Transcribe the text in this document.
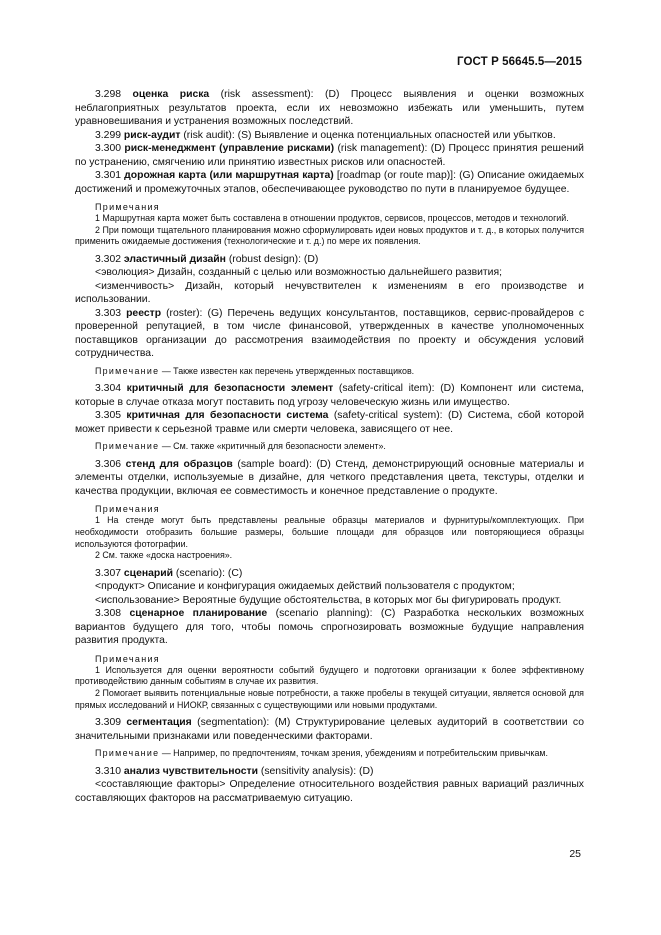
ГОСТ Р 56645.5—2015

3.298 оценка риска (risk assessment): (D) Процесс выявления и оценки возможных неблагоприятных результатов проекта, если их невозможно избежать или уменьшить, путем уравновешивания и устранения возможных последствий.

3.299 риск-аудит (risk audit): (S) Выявление и оценка потенциальных опасностей или убытков.

3.300 риск-менеджмент (управление рисками) (risk management): (D) Процесс принятия решений по устранению, смягчению или принятию известных рисков или опасностей.

3.301 дорожная карта (или маршрутная карта) [roadmap (or route map)]: (G) Описание ожидаемых достижений и промежуточных этапов, обеспечивающее руководство по пути в планируемое будущее.

Примечания

1 Маршрутная карта может быть составлена в отношении продуктов, сервисов, процессов, методов и технологий.

2 При помощи тщательного планирования можно сформулировать идеи новых продуктов и т. д., в которых получится применить ожидаемые достижения (технологические и т. д.) по мере их появления.

3.302 эластичный дизайн (robust design): (D)

<эволюция> Дизайн, созданный с целью или возможностью дальнейшего развития;

<изменчивость> Дизайн, который нечувствителен к изменениям в его производстве и использовании.

3.303 реестр (roster): (G) Перечень ведущих консультантов, поставщиков, сервис-провайдеров с проверенной репутацией, в том числе финансовой, утвержденных в качестве уполномоченных поставщиков организации до рассмотрения взаимодействия по проекту и обсуждения условий сотрудничества.

Примечание — Также известен как перечень утвержденных поставщиков.

3.304 критичный для безопасности элемент (safety-critical item): (D) Компонент или система, которые в случае отказа могут поставить под угрозу человеческую жизнь или имущество.

3.305 критичная для безопасности система (safety-critical system): (D) Система, сбой которой может привести к серьезной травме или смерти человека, зависящего от нее.

Примечание — См. также «критичный для безопасности элемент».

3.306 стенд для образцов (sample board): (D) Стенд, демонстрирующий основные материалы и элементы отделки, используемые в дизайне, для четкого представления цвета, текстуры, отделки и качества продукции, включая ее совместимость и конечное представление о продукте.

Примечания

1 На стенде могут быть представлены реальные образцы материалов и фурнитуры/комплектующих. При необходимости отобразить большие размеры, большие площади для образцов или повторяющиеся образцы используются фотографии.

2 См. также «доска настроения».

3.307 сценарий (scenario): (C)

<продукт> Описание и конфигурация ожидаемых действий пользователя с продуктом;

<использование> Вероятные будущие обстоятельства, в которых мог бы фигурировать продукт.

3.308 сценарное планирование (scenario planning): (C) Разработка нескольких возможных вариантов будущего для того, чтобы помочь спрогнозировать возможные будущие направления развития продукта.

Примечания

1 Используется для оценки вероятности событий будущего и подготовки организации к более эффективному противодействию данным событиям в случае их развития.

2 Помогает выявить потенциальные новые потребности, а также пробелы в текущей ситуации, является основой для прямых исследований и НИОКР, связанных с существующими или новыми продуктами.

3.309 сегментация (segmentation): (M) Структурирование целевых аудиторий в соответствии со значительными признаками или поведенческими факторами.

Примечание — Например, по предпочтениям, точкам зрения, убеждениям и потребительским привычкам.

3.310 анализ чувствительности (sensitivity analysis): (D)

<составляющие факторы> Определение относительного воздействия равных вариаций различных составляющих факторов на рассматриваемую ситуацию.

25
